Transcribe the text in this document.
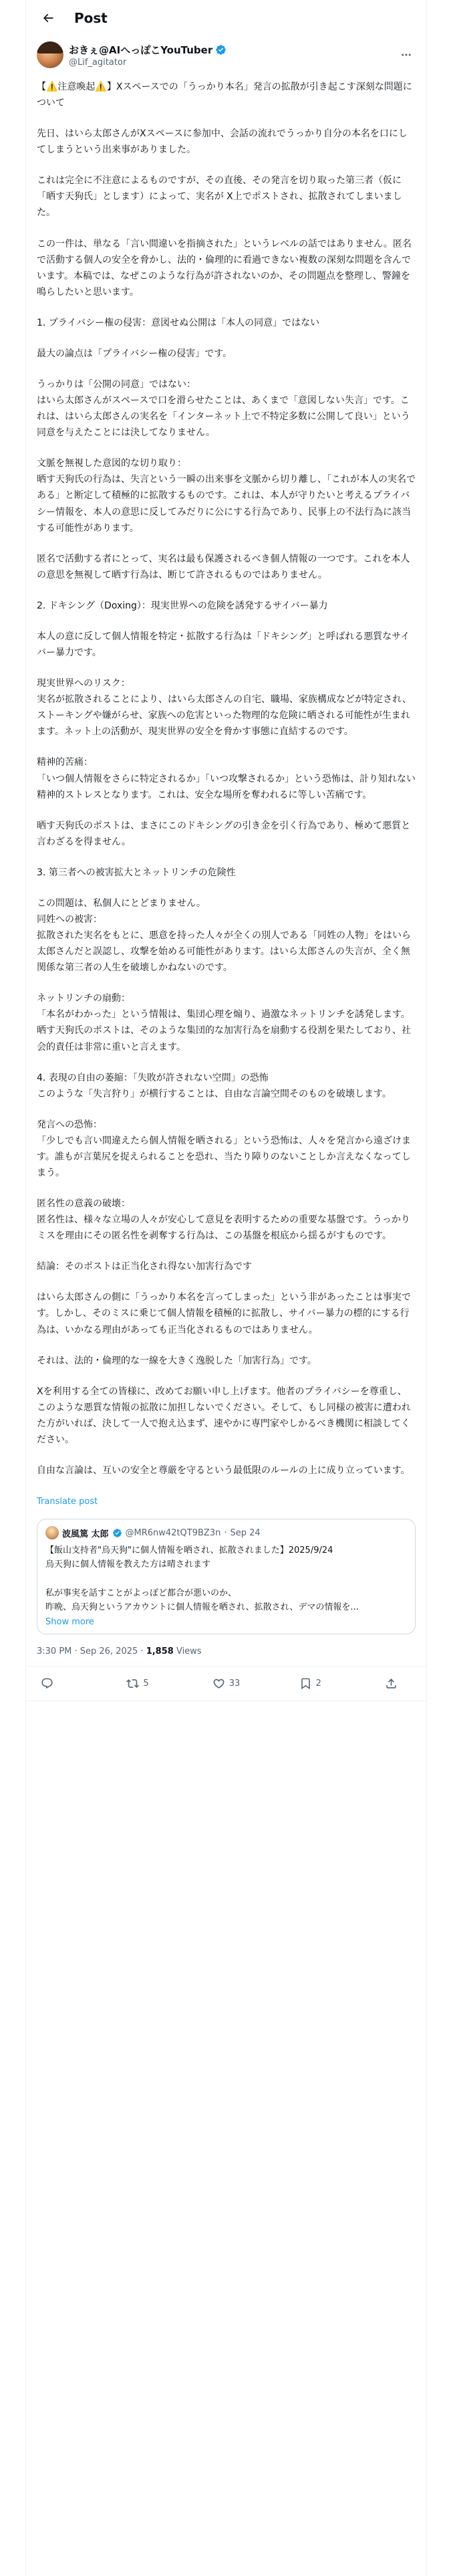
Post
おきぇ@AIへっぽこYouTuber
@Lif_agitator
【⚠️注意喚起⚠️】Xスペースでの「うっかり本名」発言の拡散が引き起こす深刻な問題について
先日、はいら太郎さんがXスペースに参加中、会話の流れでうっかり自分の本名を口にしてしまうという出来事がありました。
これは完全に不注意によるものですが、その直後、その発言を切り取った第三者（仮に「晒す天狗氏」とします）によって、実名が X上でポストされ、拡散されてしまいました。
この一件は、単なる「言い間違いを指摘された」というレベルの話ではありません。匿名で活動する個人の安全を脅かし、法的・倫理的に看過できない複数の深刻な問題を含んでいます。本稿では、なぜこのような行為が許されないのか、その問題点を整理し、警鐘を鳴らしたいと思います。
1. プライバシー権の侵害：意図せぬ公開は「本人の同意」ではない
最大の論点は「プライバシー権の侵害」です。
うっかりは「公開の同意」ではない：
はいら太郎さんがスペースで口を滑らせたことは、あくまで「意図しない失言」です。これは、はいら太郎さんの実名を「インターネット上で不特定多数に公開して良い」という同意を与えたことには決してなりません。
文脈を無視した意図的な切り取り：
晒す天狗氏の行為は、失言という一瞬の出来事を文脈から切り離し、「これが本人の実名である」と断定して積極的に拡散するものです。これは、本人が守りたいと考えるプライバシー情報を、本人の意思に反してみだりに公にする行為であり、民事上の不法行為に該当する可能性があります。
匿名で活動する者にとって、実名は最も保護されるべき個人情報の一つです。これを本人の意思を無視して晒す行為は、断じて許されるものではありません。
2. ドキシング（Doxing）：現実世界への危険を誘発するサイバー暴力
本人の意に反して個人情報を特定・拡散する行為は「ドキシング」と呼ばれる悪質なサイバー暴力です。
現実世界へのリスク：
実名が拡散されることにより、はいら太郎さんの自宅、職場、家族構成などが特定され、ストーキングや嫌がらせ、家族への危害といった物理的な危険に晒される可能性が生まれます。ネット上の活動が、現実世界の安全を脅かす事態に直結するのです。
精神的苦痛：
「いつ個人情報をさらに特定されるか」「いつ攻撃されるか」という恐怖は、計り知れない精神的ストレスとなります。これは、安全な場所を奪われるに等しい苦痛です。
晒す天狗氏のポストは、まさにこのドキシングの引き金を引く行為であり、極めて悪質と言わざるを得ません。
3. 第三者への被害拡大とネットリンチの危険性
この問題は、私個人にとどまりません。
同姓への被害：
拡散された実名をもとに、悪意を持った人々が全くの別人である「同姓の人物」をはいら太郎さんだと誤認し、攻撃を始める可能性があります。はいら太郎さんの失言が、全く無関係な第三者の人生を破壊しかねないのです。
ネットリンチの扇動：
「本名がわかった」という情報は、集団心理を煽り、過激なネットリンチを誘発します。晒す天狗氏のポストは、そのような集団的な加害行為を扇動する役割を果たしており、社会的責任は非常に重いと言えます。
4. 表現の自由の萎縮：「失敗が許されない空間」の恐怖
このような「失言狩り」が横行することは、自由な言論空間そのものを破壊します。
発言への恐怖：
「少しでも言い間違えたら個人情報を晒される」という恐怖は、人々を発言から遠ざけます。誰もが言葉尻を捉えられることを恐れ、当たり障りのないことしか言えなくなってしまう。
匿名性の意義の破壊：
匿名性は、様々な立場の人々が安心して意見を表明するための重要な基盤です。うっかりミスを理由にその匿名性を剥奪する行為は、この基盤を根底から揺るがすものです。
結論：そのポストは正当化され得ない加害行為です
はいら太郎さんの側に「うっかり本名を言ってしまった」という非があったことは事実です。しかし、そのミスに乗じて個人情報を積極的に拡散し、サイバー暴力の標的にする行為は、いかなる理由があっても正当化されるものではありません。
それは、法的・倫理的な一線を大きく逸脱した「加害行為」です。
Xを利用する全ての皆様に、改めてお願い申し上げます。他者のプライバシーを尊重し、このような悪質な情報の拡散に加担しないでください。そして、もし同様の被害に遭われた方がいれば、決して一人で抱え込まず、速やかに専門家やしかるべき機関に相談してください。
自由な言論は、互いの安全と尊厳を守るという最低限のルールの上に成り立っています。
Translate post
波風篤 太郎 @MR6nw42tQT9BZ3n · Sep 24
【飯山支持者"烏天狗"に個人情報を晒され、拡散されました】2025/9/24
烏天狗に個人情報を教えた方は晴されます

私が事実を話すことがよっぽど都合が悪いのか、
昨晩、烏天狗というアカウントに個人情報を晒され、拡散され、デマの情報を...
Show more
3:30 PM · Sep 26, 2025 · 1,858 Views
5	33	2
